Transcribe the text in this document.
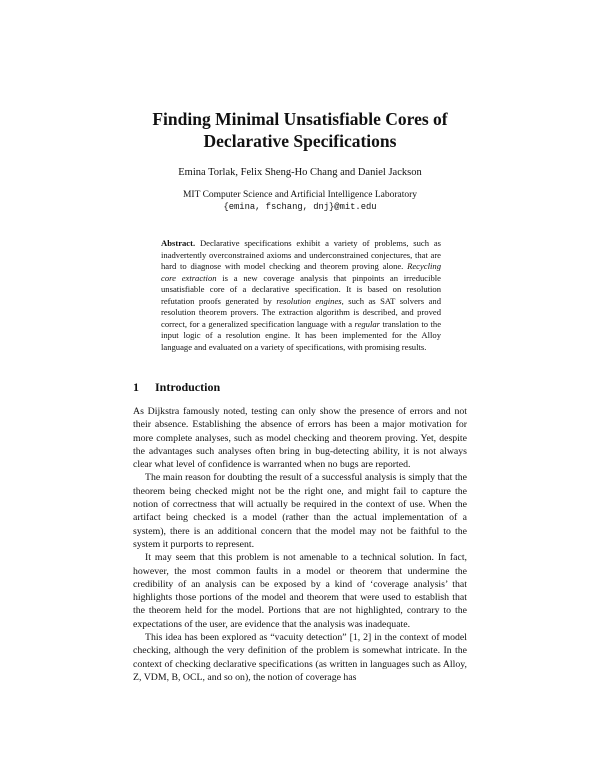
Finding Minimal Unsatisfiable Cores of
Declarative Specifications
Emina Torlak, Felix Sheng-Ho Chang and Daniel Jackson
MIT Computer Science and Artificial Intelligence Laboratory
{emina, fschang, dnj}@mit.edu
Abstract. Declarative specifications exhibit a variety of problems, such as inadvertently overconstrained axioms and underconstrained conjectures, that are hard to diagnose with model checking and theorem proving alone. Recycling core extraction is a new coverage analysis that pinpoints an irreducible unsatisfiable core of a declarative specification. It is based on resolution refutation proofs generated by resolution engines, such as SAT solvers and resolution theorem provers. The extraction algorithm is described, and proved correct, for a generalized specification language with a regular translation to the input logic of a resolution engine. It has been implemented for the Alloy language and evaluated on a variety of specifications, with promising results.
1 Introduction

As Dijkstra famously noted, testing can only show the presence of errors and not their absence. Establishing the absence of errors has been a major motivation for more complete analyses, such as model checking and theorem proving. Yet, despite the advantages such analyses often bring in bug-detecting ability, it is not always clear what level of confidence is warranted when no bugs are reported.

The main reason for doubting the result of a successful analysis is simply that the theorem being checked might not be the right one, and might fail to capture the notion of correctness that will actually be required in the context of use. When the artifact being checked is a model (rather than the actual implementation of a system), there is an additional concern that the model may not be faithful to the system it purports to represent.

It may seem that this problem is not amenable to a technical solution. In fact, however, the most common faults in a model or theorem that undermine the credibility of an analysis can be exposed by a kind of ‘coverage analysis’ that highlights those portions of the model and theorem that were used to establish that the theorem held for the model. Portions that are not highlighted, contrary to the expectations of the user, are evidence that the analysis was inadequate.

This idea has been explored as “vacuity detection” [1, 2] in the context of model checking, although the very definition of the problem is somewhat intricate. In the context of checking declarative specifications (as written in languages such as Alloy, Z, VDM, B, OCL, and so on), the notion of coverage has
